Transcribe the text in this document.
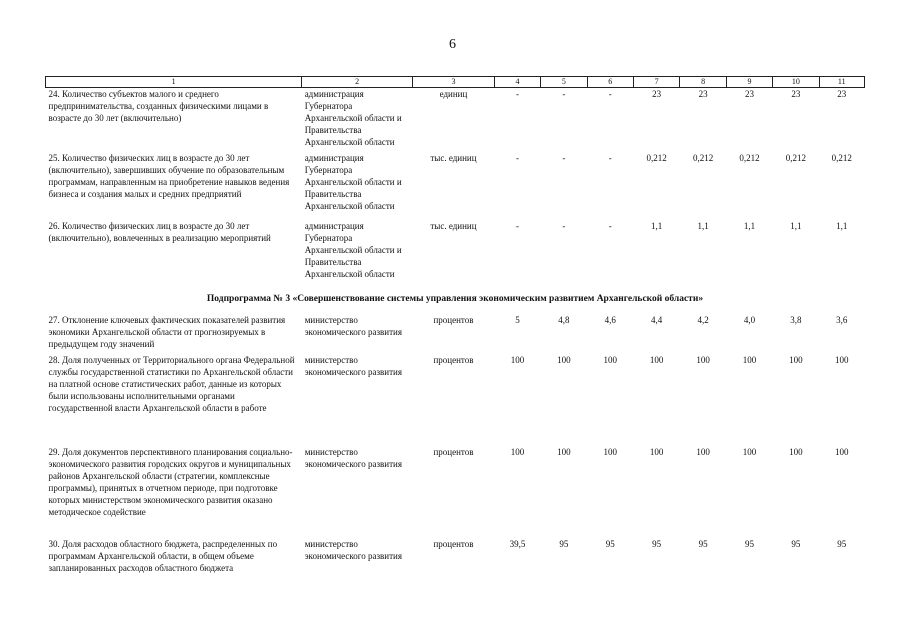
6
1	2	3	4	5	6	7	8	9	10	11
24. Количество субъектов малого и среднего предпринимательства, созданных физическими лицами в возрасте до 30 лет (включительно)	администрация Губернатора Архангельской области и Правительства Архангельской области	единиц	-	-	-	23	23	23	23	23
25. Количество физических лиц в возрасте до 30 лет (включительно), завершивших обучение по образовательным программам, направленным на приобретение навыков ведения бизнеса и создания малых и средних предприятий	администрация Губернатора Архангельской области и Правительства Архангельской области	тыс. единиц	-	-	-	0,212	0,212	0,212	0,212	0,212
26. Количество физических лиц в возрасте до 30 лет (включительно), вовлеченных в реализацию мероприятий	администрация Губернатора Архангельской области и Правительства Архангельской области	тыс. единиц	-	-	-	1,1	1,1	1,1	1,1	1,1
Подпрограмма № 3 «Совершенствование системы управления экономическим развитием Архангельской области»										
27. Отклонение ключевых фактических показателей развития экономики Архангельской области от прогнозируемых в предыдущем году значений	министерство экономического развития	процентов	5	4,8	4,6	4,4	4,2	4,0	3,8	3,6
28. Доля полученных от Территориального органа Федеральной службы государственной статистики по Архангельской области на платной основе статистических работ, данные из которых были использованы исполнительными органами государственной власти Архангельской области в работе	министерство экономического развития	процентов	100	100	100	100	100	100	100	100
29. Доля документов перспективного планирования социально-экономического развития городских округов и муниципальных районов Архангельской области (стратегии, комплексные программы), принятых в отчетном периоде, при подготовке которых министерством экономического развития оказано методическое содействие	министерство экономического развития	процентов	100	100	100	100	100	100	100	100
30. Доля расходов областного бюджета, распределенных по программам Архангельской области, в общем объеме запланированных расходов областного бюджета	министерство экономического развития	процентов	39,5	95	95	95	95	95	95	95
